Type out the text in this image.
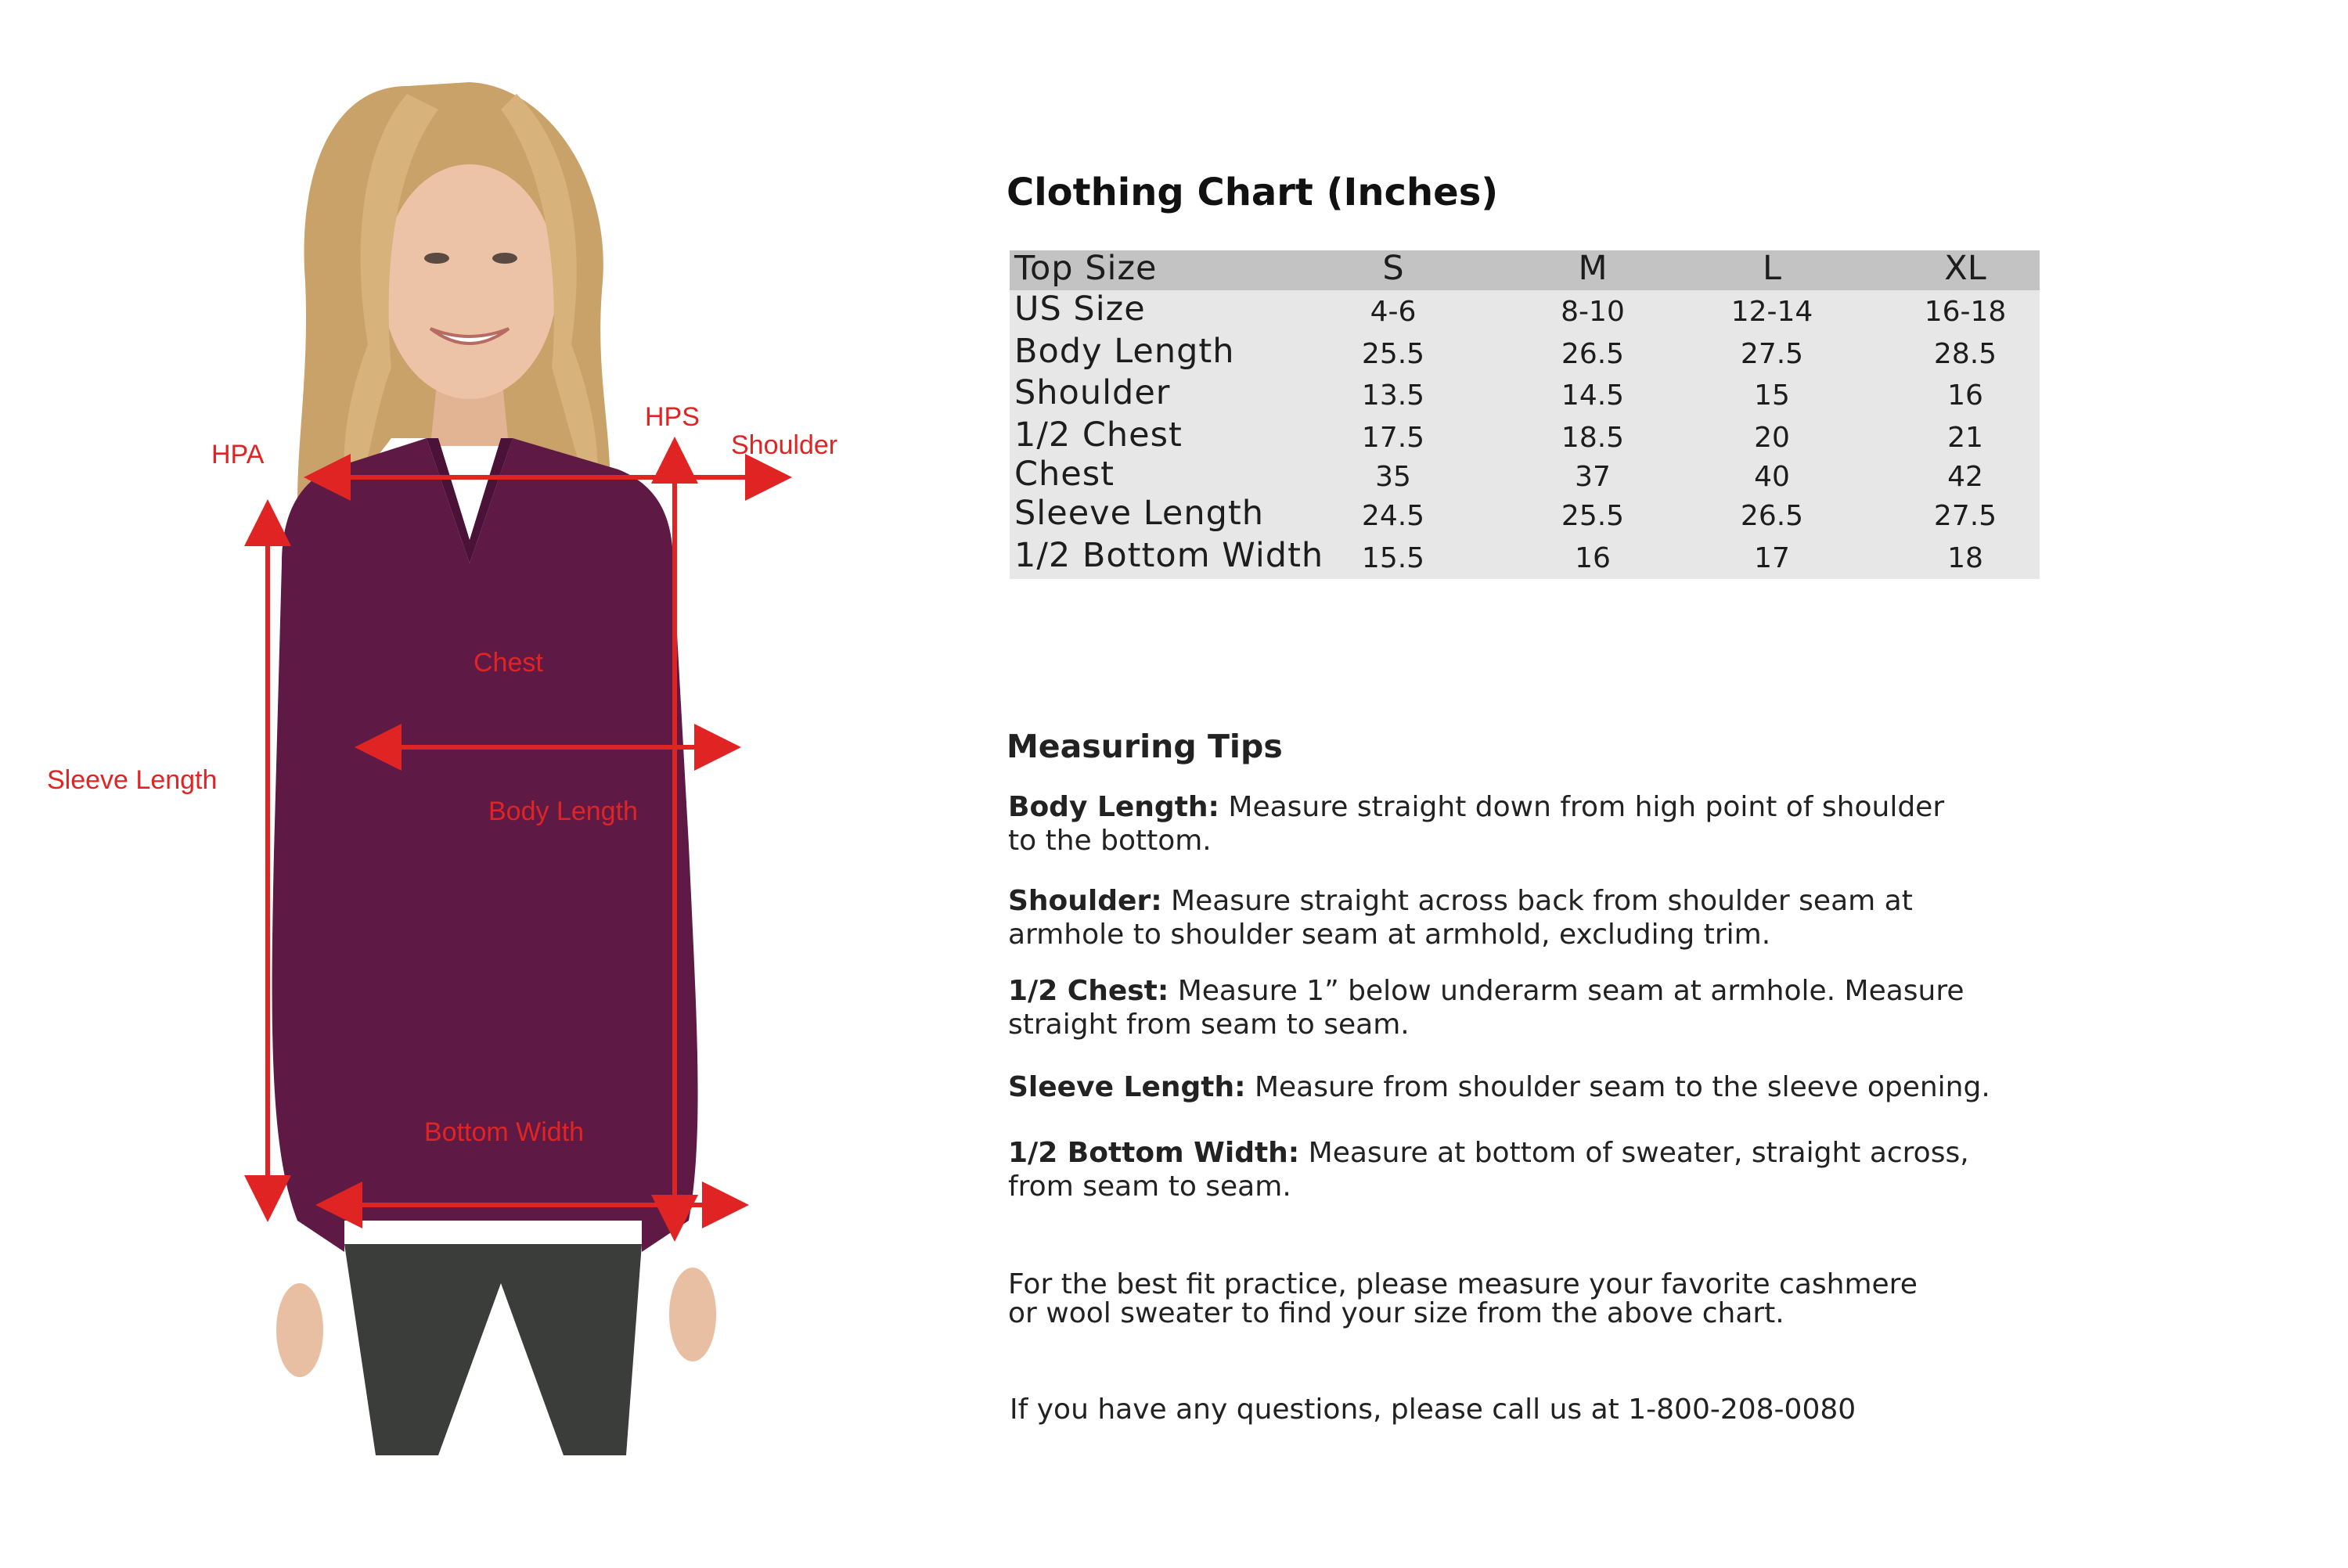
HPA
HPS
Shoulder
Chest
Sleeve Length
Body Length
Bottom Width
Clothing Chart (Inches)
Top Size	S	M	L	XL
US Size	4-6	8-10	12-14	16-18
Body Length	25.5	26.5	27.5	28.5
Shoulder	13.5	14.5	15	16
1/2 Chest	17.5	18.5	20	21
Chest	35	37	40	42
Sleeve Length	24.5	25.5	26.5	27.5
1/2 Bottom Width 15.5	16	17	18
Measuring Tips
Body Length: Measure straight down from high point of shoulder
to the bottom.
Shoulder: Measure straight across back from shoulder seam at
armhole to shoulder seam at armhold, excluding trim.
1/2 Chest: Measure 1” below underarm seam at armhole. Measure
straight from seam to seam.
Sleeve Length: Measure from shoulder seam to the sleeve opening.
1/2 Bottom Width: Measure at bottom of sweater, straight across,
from seam to seam.
For the best fit practice, please measure your favorite cashmere
or wool sweater to find your size from the above chart.
If you have any questions, please call us at 1-800-208-0080
